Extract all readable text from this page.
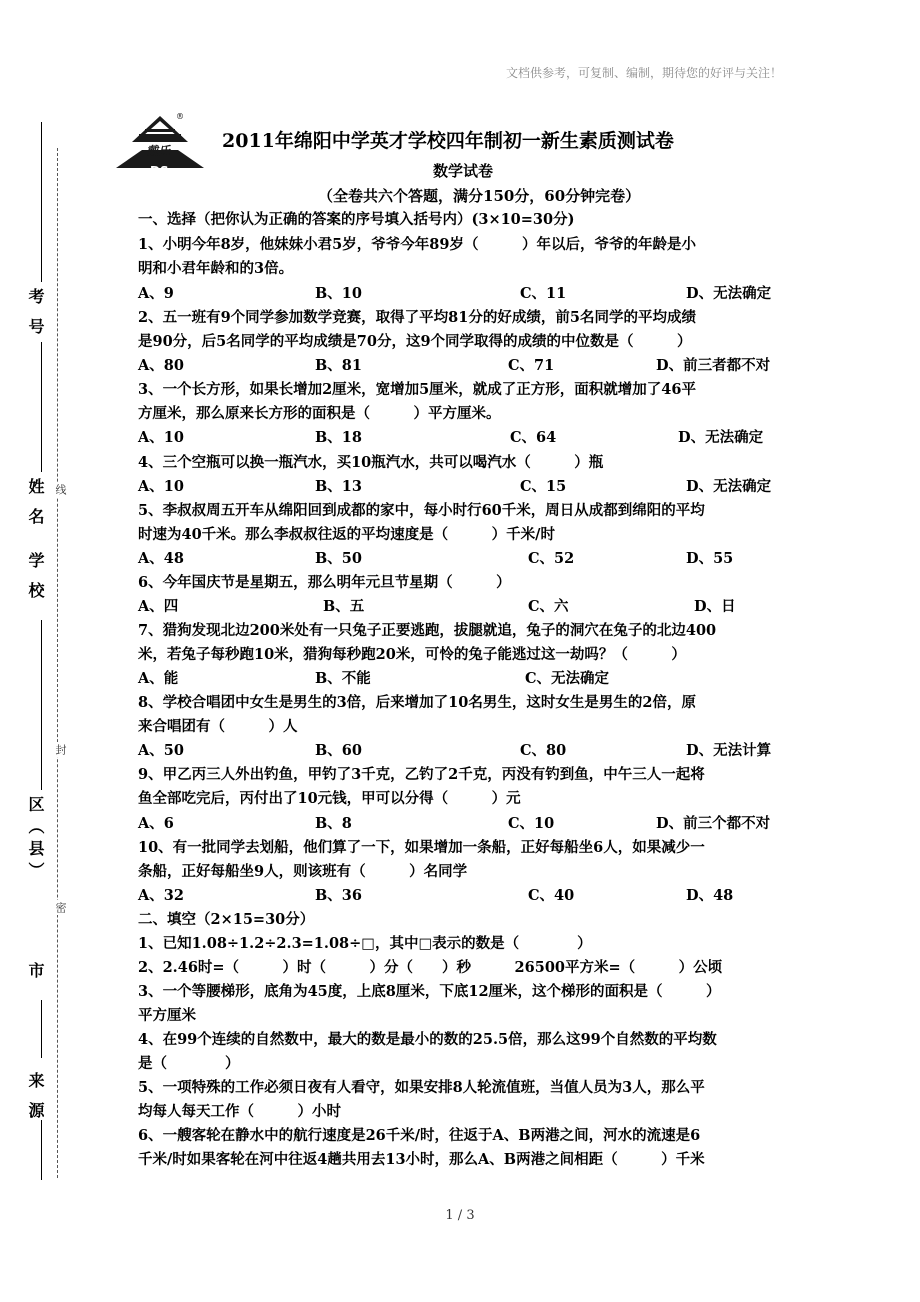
文档供参考，可复制、编制，期待您的好评与关注！
戴氏
DS
®
2011年绵阳中学英才学校四年制初一新生素质测试卷
数学试卷
（全卷共六个答题，满分150分，60分钟完卷）
考号
姓名
学校
区（县）
市
来源
线
封
密
一、选择（把你认为正确的答案的序号填入括号内）(3×10=30分)
1、小明今年8岁，他妹妹小君5岁，爷爷今年89岁（　　　）年以后，爷爷的年龄是小
明和小君年龄和的3倍。
A、9	B、10	C、11	D、无法确定
2、五一班有9个同学参加数学竞赛，取得了平均81分的好成绩，前5名同学的平均成绩
是90分，后5名同学的平均成绩是70分，这9个同学取得的成绩的中位数是（　　　）
A、80	B、81	C、71	D、前三者都不对
3、一个长方形，如果长增加2厘米，宽增加5厘米，就成了正方形，面积就增加了46平
方厘米，那么原来长方形的面积是（　　　）平方厘米。
A、10	B、18	C、64	D、无法确定
4、三个空瓶可以换一瓶汽水，买10瓶汽水，共可以喝汽水（　　　）瓶
A、10	B、13	C、15	D、无法确定
5、李叔叔周五开车从绵阳回到成都的家中，每小时行60千米，周日从成都到绵阳的平均
时速为40千米。那么李叔叔往返的平均速度是（　　　）千米/时
A、48	B、50	C、52	D、55
6、今年国庆节是星期五，那么明年元旦节星期（　　　）
A、四	B、五	C、六	D、日
7、猎狗发现北边200米处有一只兔子正要逃跑，拔腿就追，兔子的洞穴在兔子的北边400
米，若兔子每秒跑10米，猎狗每秒跑20米，可怜的兔子能逃过这一劫吗？（　　　）
A、能	B、不能	C、无法确定
8、学校合唱团中女生是男生的3倍，后来增加了10名男生，这时女生是男生的2倍，原
来合唱团有（　　　）人
A、50	B、60	C、80	D、无法计算
9、甲乙丙三人外出钓鱼，甲钓了3千克，乙钓了2千克，丙没有钓到鱼，中午三人一起将
鱼全部吃完后，丙付出了10元钱，甲可以分得（　　　）元
A、6	B、8	C、10	D、前三个都不对
10、有一批同学去划船，他们算了一下，如果增加一条船，正好每船坐6人，如果减少一
条船，正好每船坐9人，则该班有（　　　）名同学
A、32	B、36	C、40	D、48
二、填空（2×15=30分）
1、已知1.08÷1.2÷2.3=1.08÷□，其中□表示的数是（　　　　）
2、2.46时=（　　　）时（　　　）分（　　）秒　　　26500平方米=（　　　）公顷
3、一个等腰梯形，底角为45度，上底8厘米，下底12厘米，这个梯形的面积是（　　　）
平方厘米
4、在99个连续的自然数中，最大的数是最小的数的25.5倍，那么这99个自然数的平均数
是（　　　　）
5、一项特殊的工作必须日夜有人看守，如果安排8人轮流值班，当值人员为3人，那么平
均每人每天工作（　　　）小时
6、一艘客轮在静水中的航行速度是26千米/时，往返于A、B两港之间，河水的流速是6
千米/时如果客轮在河中往返4趟共用去13小时，那么A、B两港之间相距（　　　）千米
1 / 3
